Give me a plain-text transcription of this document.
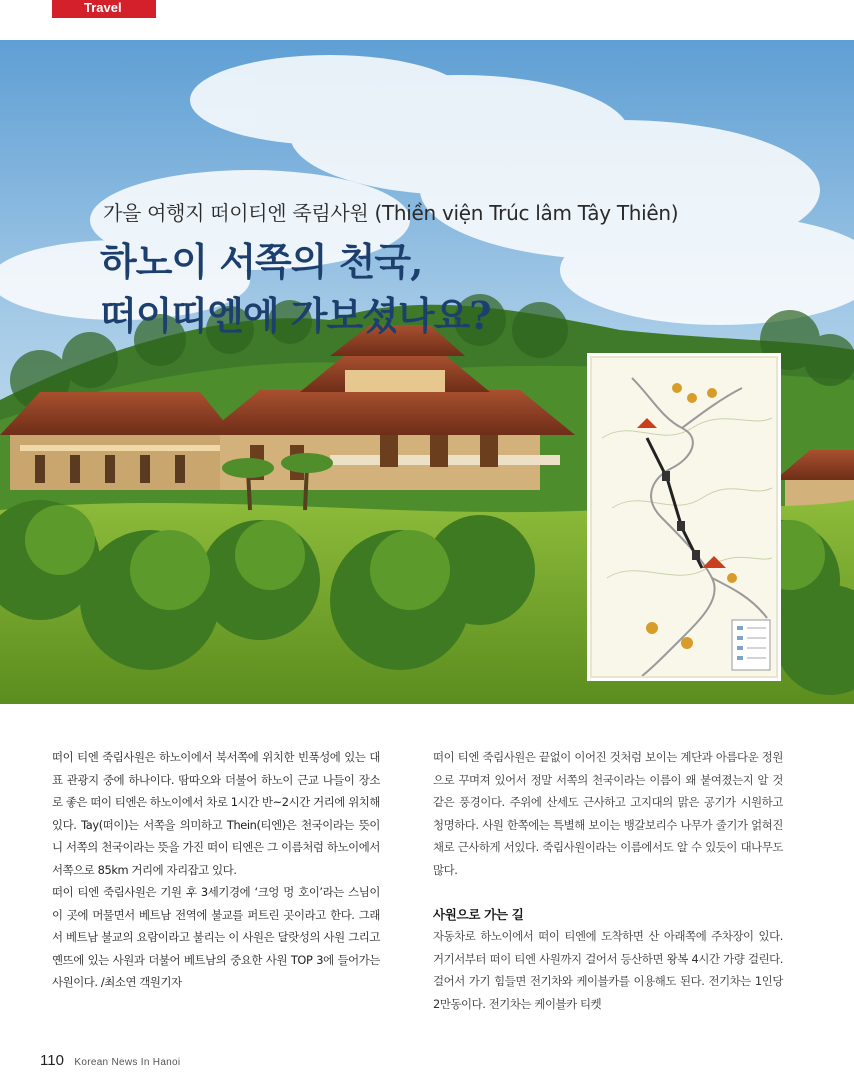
Travel
가을 여행지 떠이티엔 죽림사원 (Thiền viện Trúc lâm Tây Thiên)
하노이 서쪽의 천국,
떠이띠엔에 가보셨나요?

떠이 티엔 죽림사원은 하노이에서 북서쪽에 위치한 빈푹성에 있는 대표 관광지 중에 하나이다. 땀따오와 더불어 하노이 근교 나들이 장소로 좋은 떠이 티엔은 하노이에서 차로 1시간 반~2시간 거리에 위치해있다. Tay(떠이)는 서쪽을 의미하고 Thein(티엔)은 천국이라는 뜻이니 서쪽의 천국이라는 뜻을 가진 떠이 티엔은 그 이름처럼 하노이에서 서쪽으로 85km 거리에 자리잡고 있다.

떠이 티엔 죽림사원은 기원 후 3세기경에 ‘크엉 멍 호이’라는 스님이 이 곳에 머물면서 베트남 전역에 불교를 퍼트린 곳이라고 한다. 그래서 베트남 불교의 요람이라고 불리는 이 사원은 달랏성의 사원 그리고 옌뜨에 있는 사원과 더불어 베트남의 중요한 사원 TOP 3에 들어가는 사원이다. /최소연 객원기자

떠이 티엔 죽림사원은 끝없이 이어진 것처럼 보이는 계단과 아름다운 정원으로 꾸며져 있어서 정말 서쪽의 천국이라는 이름이 왜 붙여졌는지 알 것 같은 풍경이다. 주위에 산세도 근사하고 고지대의 맑은 공기가 시원하고 청명하다. 사원 한쪽에는 특별해 보이는 뱅갈보리수 나무가 줄기가 얽혀진 채로 근사하게 서있다. 죽림사원이라는 이름에서도 알 수 있듯이 대나무도 많다.

사원으로 가는 길

자동차로 하노이에서 떠이 티엔에 도착하면 산 아래쪽에 주차장이 있다. 거기서부터 떠이 티엔 사원까지 걸어서 등산하면 왕복 4시간 가량 걸린다. 걸어서 가기 힘들면 전기차와 케이블카를 이용해도 된다. 전기차는 1인당 2만동이다. 전기차는 케이블카 티켓

110 Korean News In Hanoi
